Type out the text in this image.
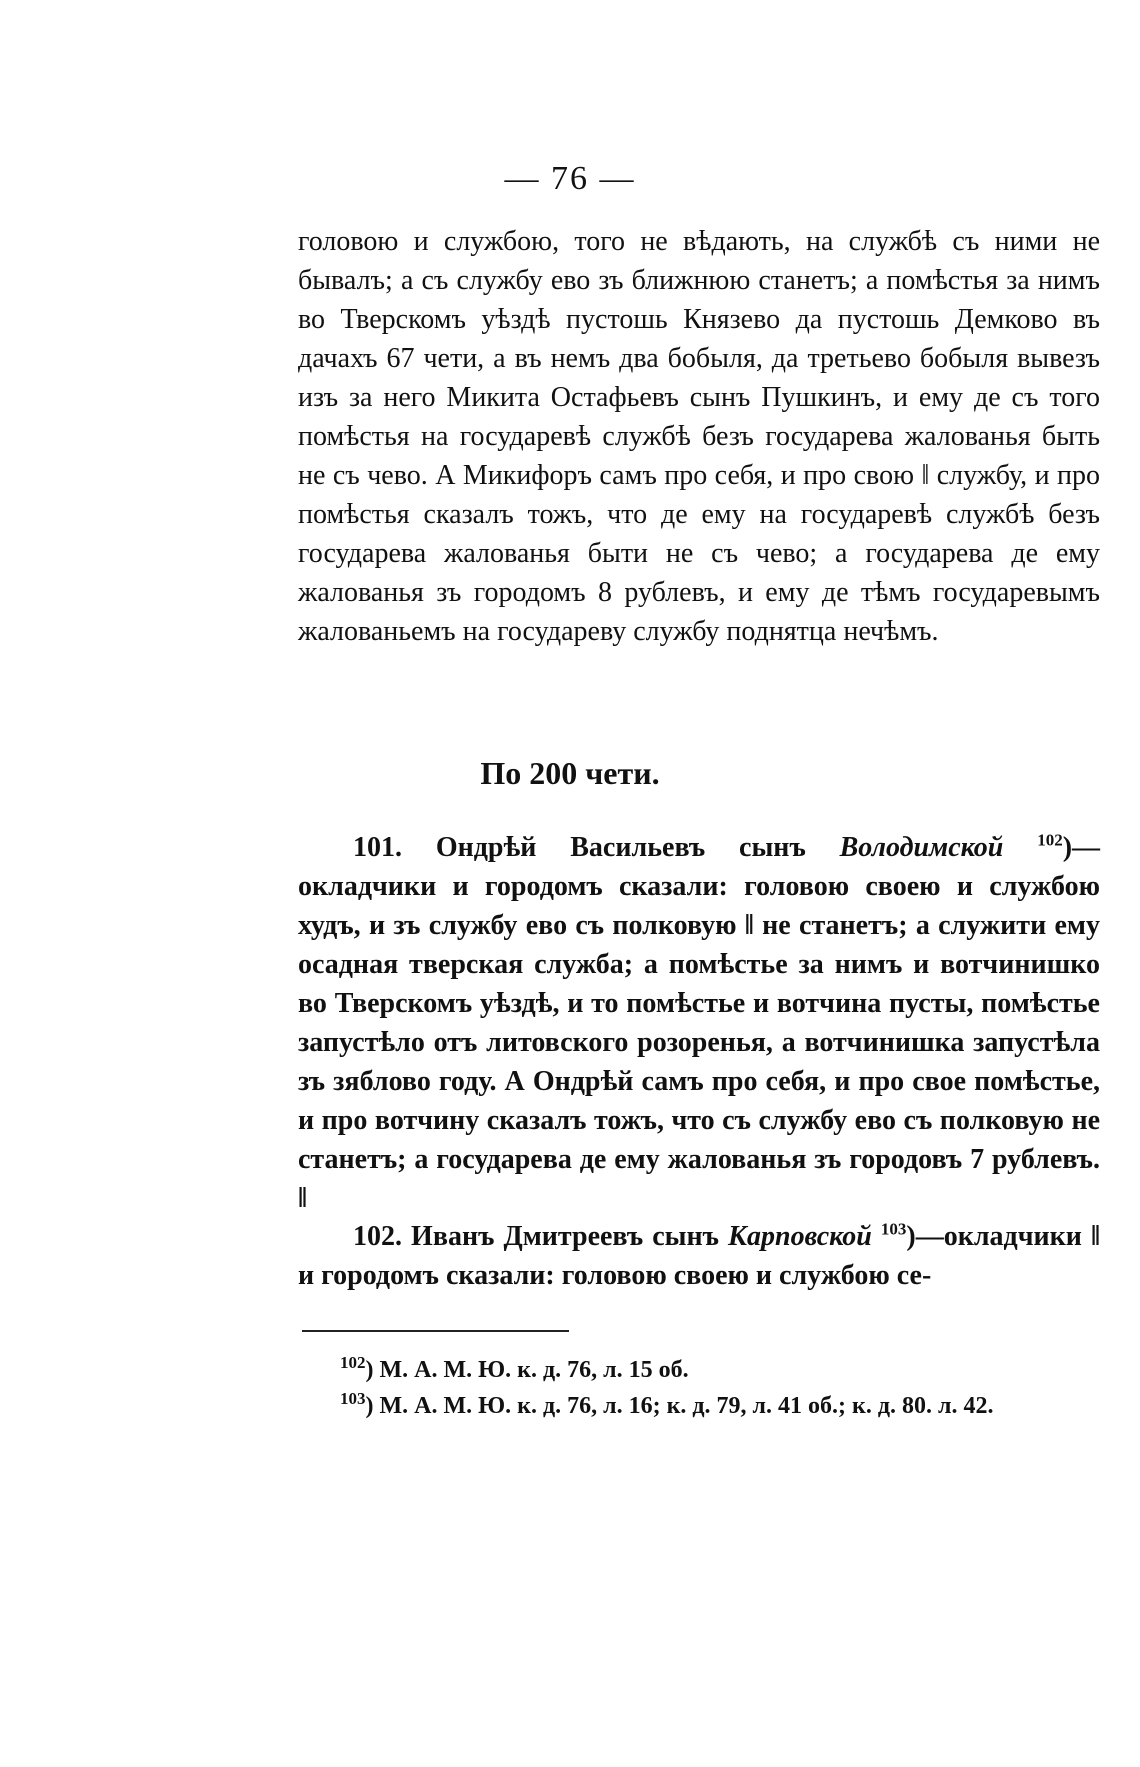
— 76 —

головою и службою, того не вѣдають, на службѣ съ ними не бывалъ; а съ службу ево зъ ближнюю станетъ; а помѣстья за нимъ во Тверскомъ уѣздѣ пустошь Князево да пустошь Демково въ дачахъ 67 чети, а въ немъ два бобыля, да третьево бобыля вывезъ изъ за него Микита Остафьевъ сынъ Пушкинъ, и ему де съ того помѣстья на государевѣ службѣ безъ государева жалованья быть не съ чево. А Микифоръ самъ про себя, и про свою ‖ службу, и про помѣстья сказалъ тожъ, что де ему на государевѣ службѣ безъ государева жалованья быти не съ чево; а государева де ему жалованья зъ городомъ 8 рублевъ, и ему де тѣмъ государевымъ жалованьемъ на государеву службу поднятца нечѣмъ.

По 200 чети.

101. Ондрѣй Васильевъ сынъ Володимской $^{102}$)—окладчики и городомъ сказали: головою своею и службою худъ, и зъ службу ево съ полковую ‖ не станетъ; а служити ему осадная тверская служба; а помѣстье за нимъ и вотчинишко во Тверскомъ уѣздѣ, и то помѣстье и вотчина пусты, помѣстье запустѣло отъ литовского розоренья, а вотчинишка запустѣла зъ зяблово году. А Ондрѣй самъ про себя, и про свое помѣстье, и про вотчину сказалъ тожъ, что съ службу ево съ полковую не станетъ; а государева де ему жалованья зъ городовъ 7 рублевъ. ‖

102. Иванъ Дмитреевъ сынъ Карповской $^{103}$)—окладчики ‖ и городомъ сказали: головою своею и службою се-

$^{102}$) М. А. М. Ю. к. д. 76, л. 15 об.

$^{103}$) М. А. М. Ю. к. д. 76, л. 16; к. д. 79, л. 41 об.; к. д. 80. л. 42.
